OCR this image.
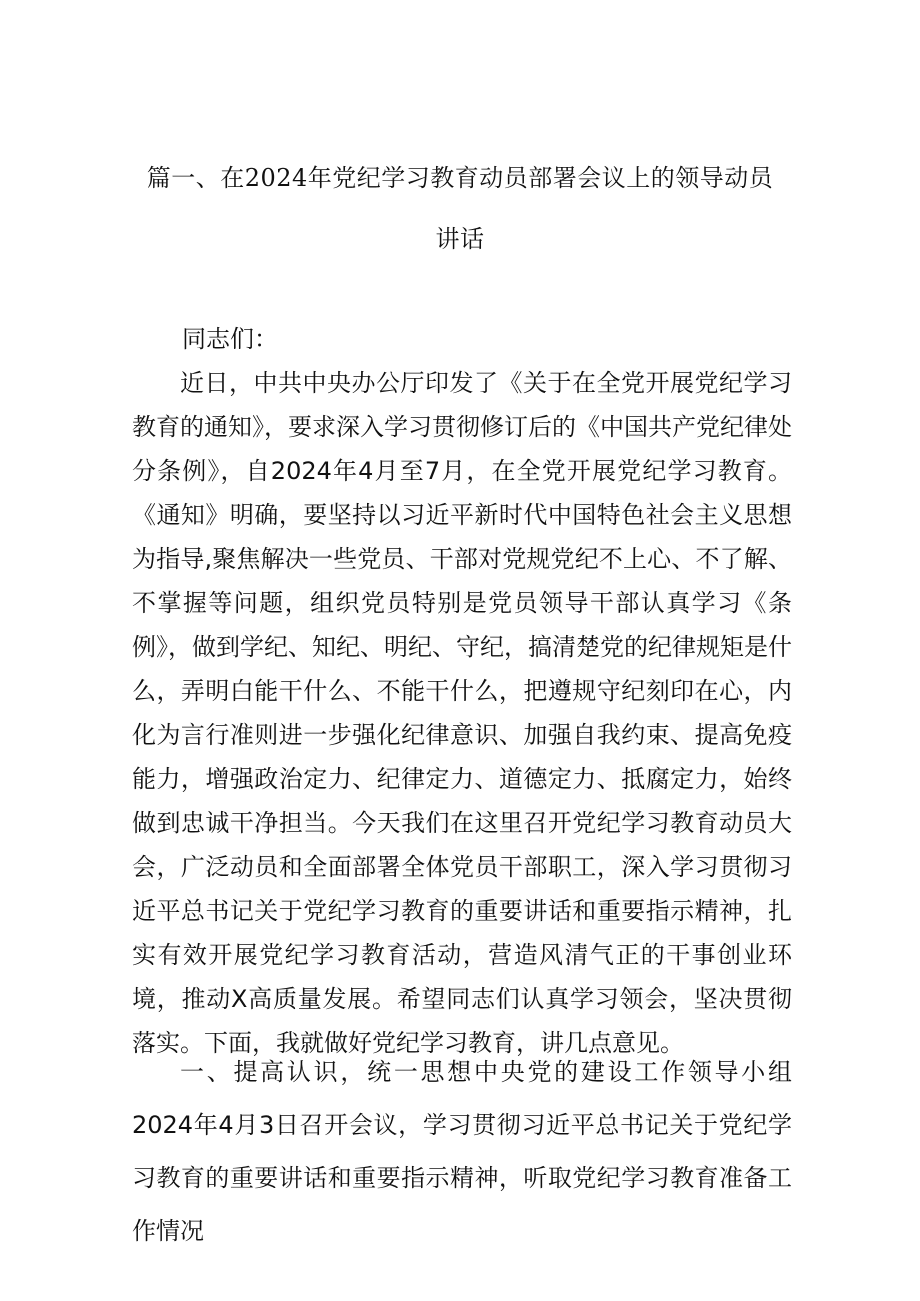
篇一、在2024年党纪学习教育动员部署会议上的领导动员
讲话
同志们：

近日，中共中央办公厅印发了《关于在全党开展党纪学习教育的通知》，要求深入学习贯彻修订后的《中国共产党纪律处分条例》，自2024年4月至7月，在全党开展党纪学习教育。《通知》明确，要坚持以习近平新时代中国特色社会主义思想为指导,聚焦解决一些党员、干部对党规党纪不上心、不了解、不掌握等问题，组织党员特别是党员领导干部认真学习《条例》，做到学纪、知纪、明纪、守纪，搞清楚党的纪律规矩是什么，弄明白能干什么、不能干什么，把遵规守纪刻印在心，内化为言行准则进一步强化纪律意识、加强自我约束、提高免疫能力，增强政治定力、纪律定力、道德定力、抵腐定力，始终做到忠诚干净担当。今天我们在这里召开党纪学习教育动员大会，广泛动员和全面部署全体党员干部职工，深入学习贯彻习近平总书记关于党纪学习教育的重要讲话和重要指示精神，扎实有效开展党纪学习教育活动，营造风清气正的干事创业环境，推动X高质量发展。希望同志们认真学习领会，坚决贯彻落实。下面，我就做好党纪学习教育，讲几点意见。

一、提高认识，统一思想中央党的建设工作领导小组2024年4月3日召开会议，学习贯彻习近平总书记关于党纪学习教育的重要讲话和重要指示精神，听取党纪学习教育准备工作情况
